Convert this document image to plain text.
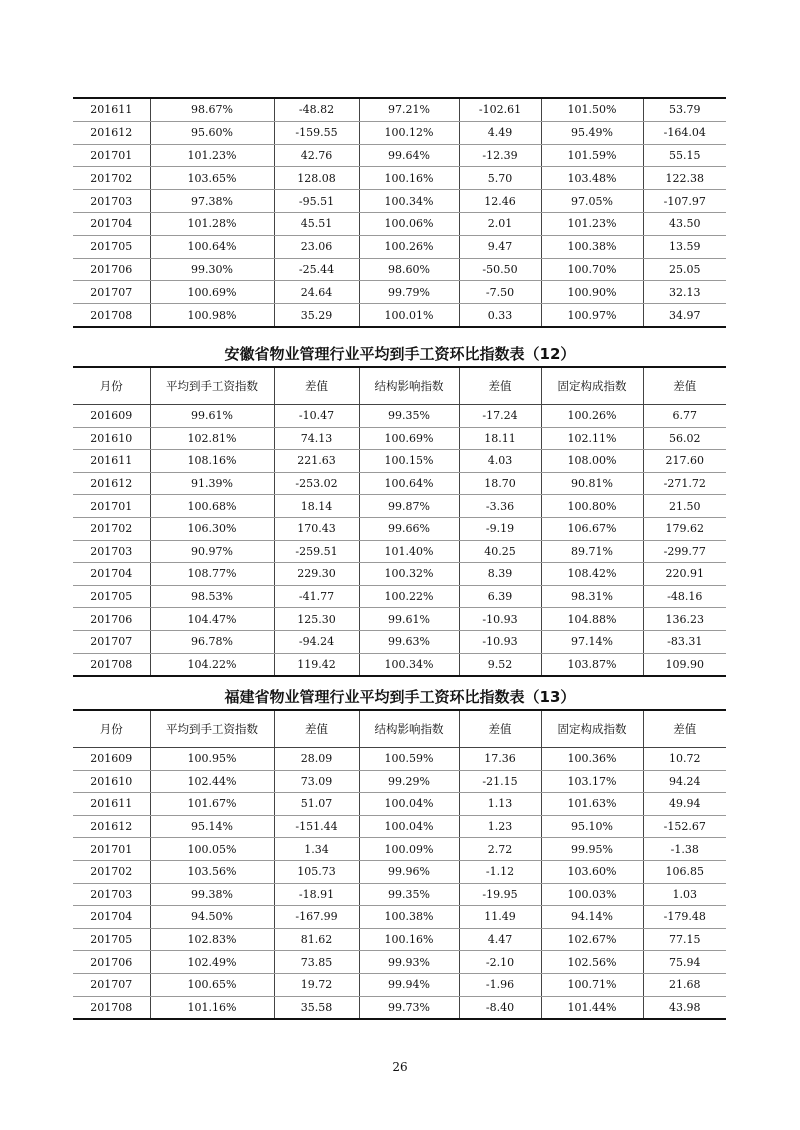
201611	98.67%	-48.82	97.21%	-102.61	101.50%	53.79
201612	95.60%	-159.55	100.12%	4.49	95.49%	-164.04
201701	101.23%	42.76	99.64%	-12.39	101.59%	55.15
201702	103.65%	128.08	100.16%	5.70	103.48%	122.38
201703	97.38%	-95.51	100.34%	12.46	97.05%	-107.97
201704	101.28%	45.51	100.06%	2.01	101.23%	43.50
201705	100.64%	23.06	100.26%	9.47	100.38%	13.59
201706	99.30%	-25.44	98.60%	-50.50	100.70%	25.05
201707	100.69%	24.64	99.79%	-7.50	100.90%	32.13
201708	100.98%	35.29	100.01%	0.33	100.97%	34.97
安徽省物业管理行业平均到手工资环比指数表（12）
月份	平均到手工资指数	差值	结构影响指数	差值	固定构成指数	差值
201609	99.61%	-10.47	99.35%	-17.24	100.26%	6.77
201610	102.81%	74.13	100.69%	18.11	102.11%	56.02
201611	108.16%	221.63	100.15%	4.03	108.00%	217.60
201612	91.39%	-253.02	100.64%	18.70	90.81%	-271.72
201701	100.68%	18.14	99.87%	-3.36	100.80%	21.50
201702	106.30%	170.43	99.66%	-9.19	106.67%	179.62
201703	90.97%	-259.51	101.40%	40.25	89.71%	-299.77
201704	108.77%	229.30	100.32%	8.39	108.42%	220.91
201705	98.53%	-41.77	100.22%	6.39	98.31%	-48.16
201706	104.47%	125.30	99.61%	-10.93	104.88%	136.23
201707	96.78%	-94.24	99.63%	-10.93	97.14%	-83.31
201708	104.22%	119.42	100.34%	9.52	103.87%	109.90
福建省物业管理行业平均到手工资环比指数表（13）
月份	平均到手工资指数	差值	结构影响指数	差值	固定构成指数	差值
201609	100.95%	28.09	100.59%	17.36	100.36%	10.72
201610	102.44%	73.09	99.29%	-21.15	103.17%	94.24
201611	101.67%	51.07	100.04%	1.13	101.63%	49.94
201612	95.14%	-151.44	100.04%	1.23	95.10%	-152.67
201701	100.05%	1.34	100.09%	2.72	99.95%	-1.38
201702	103.56%	105.73	99.96%	-1.12	103.60%	106.85
201703	99.38%	-18.91	99.35%	-19.95	100.03%	1.03
201704	94.50%	-167.99	100.38%	11.49	94.14%	-179.48
201705	102.83%	81.62	100.16%	4.47	102.67%	77.15
201706	102.49%	73.85	99.93%	-2.10	102.56%	75.94
201707	100.65%	19.72	99.94%	-1.96	100.71%	21.68
201708	101.16%	35.58	99.73%	-8.40	101.44%	43.98
26
